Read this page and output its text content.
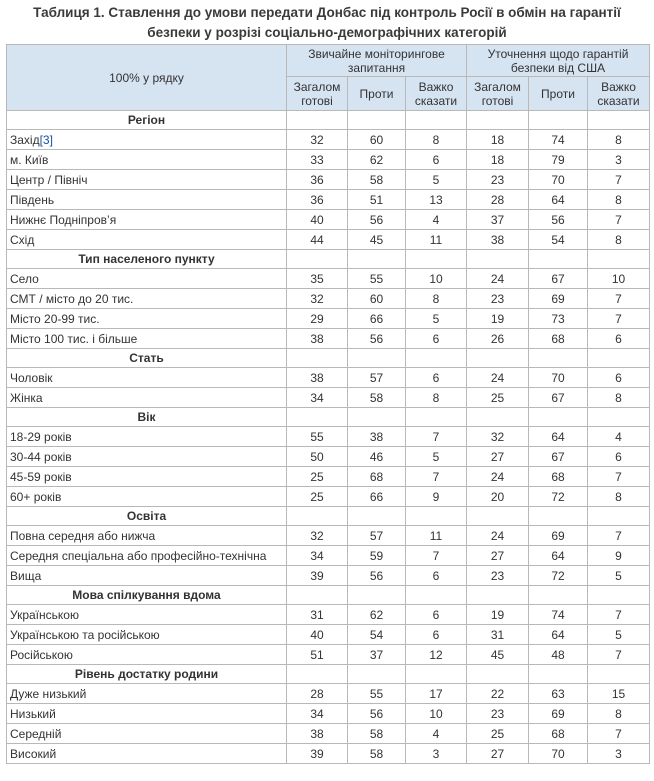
Таблиця 1. Ставлення до умови передати Донбас під контроль Росії в обмін на гарантії безпеки у розрізі соціально-демографічних категорій
100% у рядку	Звичайне моніторингове запитання			Уточнення щодо гарантій безпеки від США		
	Загалом готові	Проти	Важко сказати	Загалом готові	Проти	Важко сказати
Регіон						
Захід[3]	32	60	8	18	74	8
м. Київ	33	62	6	18	79	3
Центр / Північ	36	58	5	23	70	7
Південь	36	51	13	28	64	8
Нижнє Подніпров’я	40	56	4	37	56	7
Схід	44	45	11	38	54	8
Тип населеного пункту						
Село	35	55	10	24	67	10
СМТ / місто до 20 тис.	32	60	8	23	69	7
Місто 20-99 тис.	29	66	5	19	73	7
Місто 100 тис. і більше	38	56	6	26	68	6
Стать						
Чоловік	38	57	6	24	70	6
Жінка	34	58	8	25	67	8
Вік						
18-29 років	55	38	7	32	64	4
30-44 років	50	46	5	27	67	6
45-59 років	25	68	7	24	68	7
60+ років	25	66	9	20	72	8
Освіта						
Повна середня або нижча	32	57	11	24	69	7
Середня спеціальна або професійно-технічна	34	59	7	27	64	9
Вища	39	56	6	23	72	5
Мова спілкування вдома						
Українською	31	62	6	19	74	7
Українською та російською	40	54	6	31	64	5
Російською	51	37	12	45	48	7
Рівень достатку родини						
Дуже низький	28	55	17	22	63	15
Низький	34	56	10	23	69	8
Середній	38	58	4	25	68	7
Високий	39	58	3	27	70	3
